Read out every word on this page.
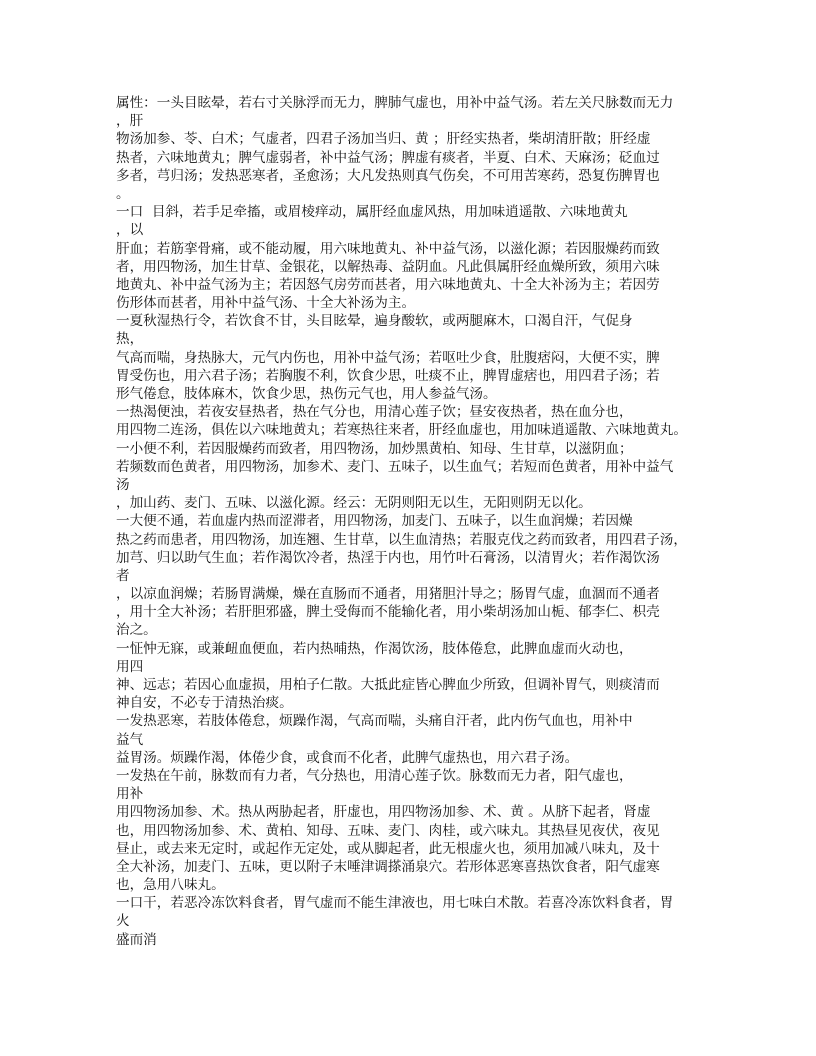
属性：一头目眩晕，若右寸关脉浮而无力，脾肺气虚也，用补中益气汤。若左关尺脉数而无力
，肝
物汤加参、苓、白术；气虚者，四君子汤加当归、黄 ；肝经实热者，柴胡清肝散；肝经虚
热者，六味地黄丸；脾气虚弱者，补中益气汤；脾虚有痰者，半夏、白术、天麻汤；砭血过
多者，芎归汤；发热恶寒者，圣愈汤；大凡发热则真气伤矣，不可用苦寒药，恐复伤脾胃也
。
一口  目斜，若手足牵搐，或眉棱痒动，属肝经血虚风热，用加味逍遥散、六味地黄丸
，以
肝血；若筋挛骨痛，或不能动履，用六味地黄丸、补中益气汤，以滋化源；若因服燥药而致
者，用四物汤，加生甘草、金银花，以解热毒、益阴血。凡此俱属肝经血燥所致，须用六味
地黄丸、补中益气汤为主；若因怒气房劳而甚者，用六味地黄丸、十全大补汤为主；若因劳
伤形体而甚者，用补中益气汤、十全大补汤为主。
一夏秋湿热行令，若饮食不甘，头目眩晕，遍身酸软，或两腿麻木，口渴自汗，气促身
热，
气高而喘，身热脉大，元气内伤也，用补中益气汤；若呕吐少食，肚腹痞闷，大便不实，脾
胃受伤也，用六君子汤；若胸腹不利，饮食少思，吐痰不止，脾胃虚痞也，用四君子汤；若
形气倦怠，肢体麻木，饮食少思，热伤元气也，用人参益气汤。
一热渴便浊，若夜安昼热者，热在气分也，用清心莲子饮；昼安夜热者，热在血分也，
用四物二连汤，俱佐以六味地黄丸；若寒热往来者，肝经血虚也，用加味逍遥散、六味地黄丸。
一小便不利，若因服燥药而致者，用四物汤，加炒黑黄柏、知母、生甘草，以滋阴血；
若频数而色黄者，用四物汤，加参术、麦门、五味子，以生血气；若短而色黄者，用补中益气
汤
，加山药、麦门、五味、以滋化源。经云：无阴则阳无以生，无阳则阴无以化。
一大便不通，若血虚内热而涩滞者，用四物汤，加麦门、五味子，以生血润燥；若因燥
热之药而患者，用四物汤，加连翘、生甘草，以生血清热；若服克伐之药而致者，用四君子汤，
加芎、归以助气生血；若作渴饮冷者，热淫于内也，用竹叶石膏汤，以清胃火；若作渴饮汤
者
，以凉血润燥；若肠胃满燥，燥在直肠而不通者，用猪胆汁导之；肠胃气虚，血涸而不通者
，用十全大补汤；若肝胆邪盛，脾土受侮而不能输化者，用小柴胡汤加山栀、郁李仁、枳壳
治之。
一怔忡无寐，或兼衄血便血，若内热晡热，作渴饮汤，肢体倦怠，此脾血虚而火动也，
用四
神、远志；若因心血虚损，用柏子仁散。大抵此症皆心脾血少所致，但调补胃气，则痰清而
神自安，不必专于清热治痰。
一发热恶寒，若肢体倦怠，烦躁作渴，气高而喘，头痛自汗者，此内伤气血也，用补中
益气
益胃汤。烦躁作渴，体倦少食，或食而不化者，此脾气虚热也，用六君子汤。
一发热在午前，脉数而有力者，气分热也，用清心莲子饮。脉数而无力者，阳气虚也，
用补
用四物汤加参、术。热从两胁起者，肝虚也，用四物汤加参、术、黄 。从脐下起者，肾虚
也，用四物汤加参、术、黄柏、知母、五味、麦门、肉桂，或六味丸。其热昼见夜伏，夜见
昼止，或去来无定时，或起作无定处，或从脚起者，此无根虚火也，须用加减八味丸，及十
全大补汤，加麦门、五味，更以附子末唾津调搽涌泉穴。若形体恶寒喜热饮食者，阳气虚寒
也，急用八味丸。
一口干，若恶冷冻饮料食者，胃气虚而不能生津液也，用七味白术散。若喜冷冻饮料食者，胃
火
盛而消
